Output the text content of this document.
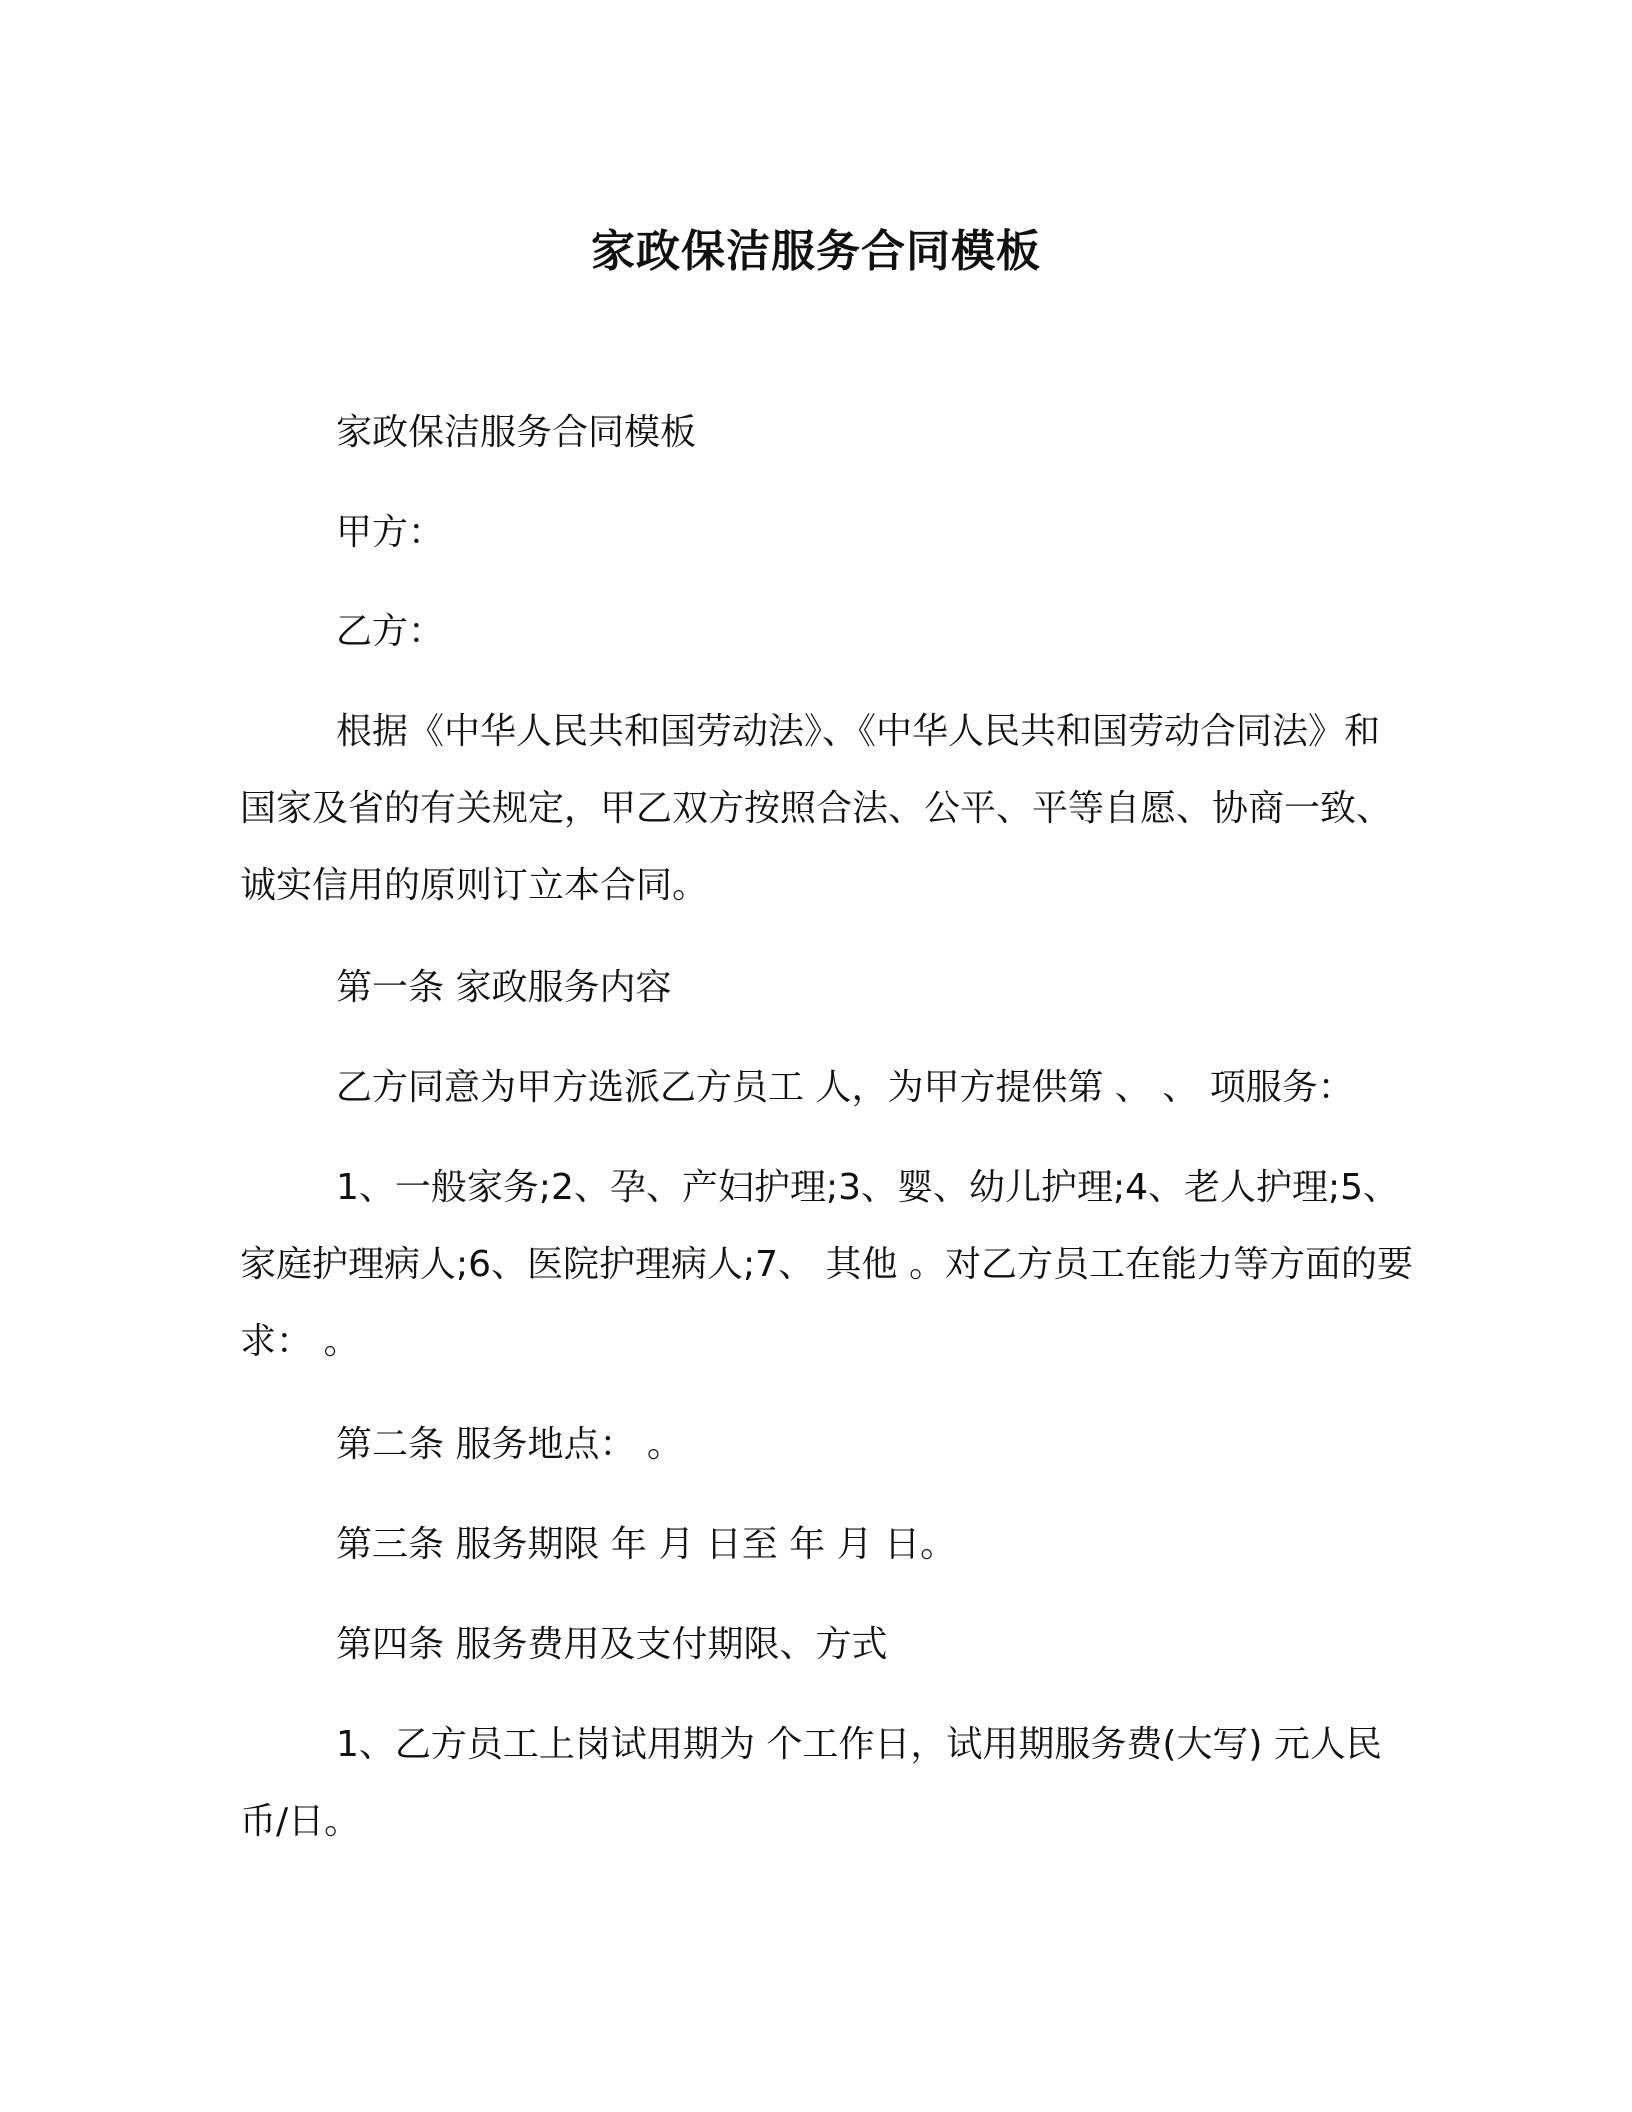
家政保洁服务合同模板

家政保洁服务合同模板

甲方：

乙方：

根据《中华人民共和国劳动法》、《中华人民共和国劳动合同法》和国家及省的有关规定，甲乙双方按照合法、公平、平等自愿、协商一致、诚实信用的原则订立本合同。

第一条 家政服务内容

乙方同意为甲方选派乙方员工 人，为甲方提供第 、 、 项服务：

1、一般家务;2、孕、产妇护理;3、婴、幼儿护理;4、老人护理;5、家庭护理病人;6、医院护理病人;7、 其他 。对乙方员工在能力等方面的要求： 。

第二条 服务地点： 。

第三条 服务期限 年 月 日至 年 月 日。

第四条 服务费用及支付期限、方式

1、乙方员工上岗试用期为 个工作日，试用期服务费(大写) 元人民币/日。
